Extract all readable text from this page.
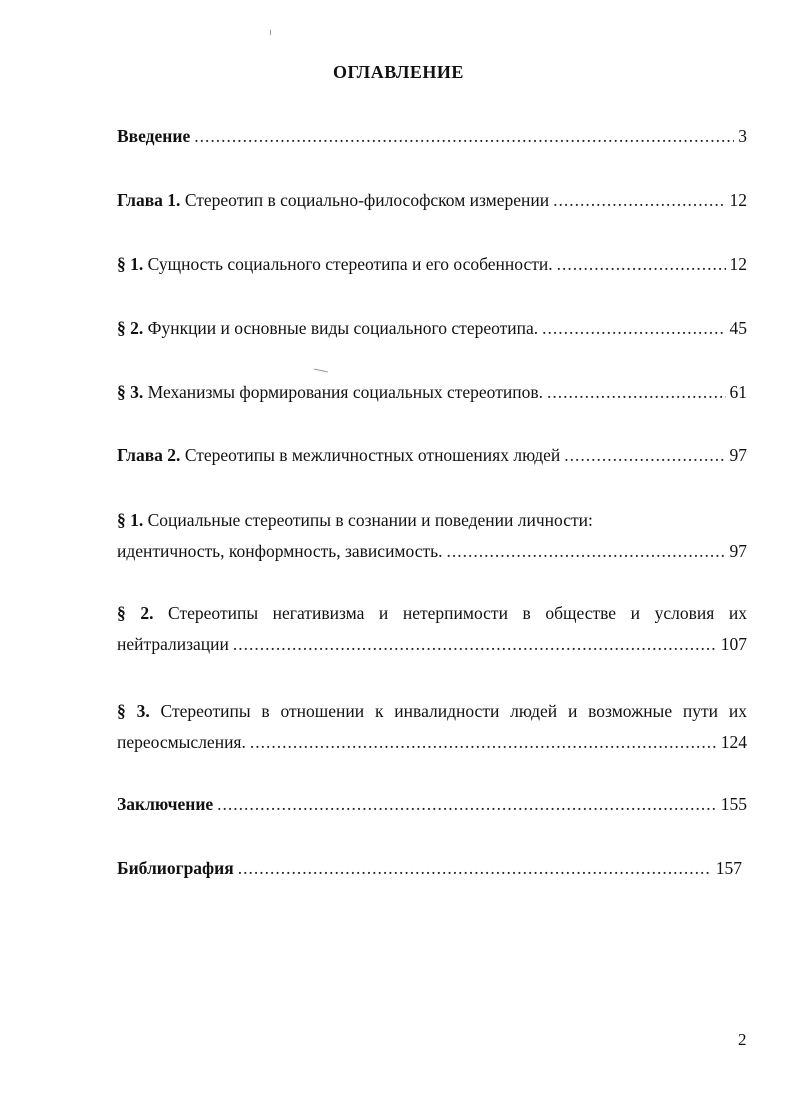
ОГЛАВЛЕНИЕ
Введение .....	3
Глава 1. Стереотип в социально-философском измерении .....	12
§ 1. Сущность социального стереотипа и его особенности. .....	12
§ 2. Функции и основные виды социального стереотипа. .....	45
§ 3. Механизмы формирования социальных стереотипов. .....	61
Глава 2. Стереотипы в межличностных отношениях людей .....	97
§ 1. Социальные стереотипы в сознании и поведении личности:
идентичность, конформность, зависимость. .....	97
§ 2. Стереотипы негативизма и нетерпимости в обществе и условия их
нейтрализации .....	107
§ 3. Стереотипы в отношении к инвалидности людей и возможные пути их
переосмысления. .....	124
Заключение .....	155
Библиография .....	157
2
